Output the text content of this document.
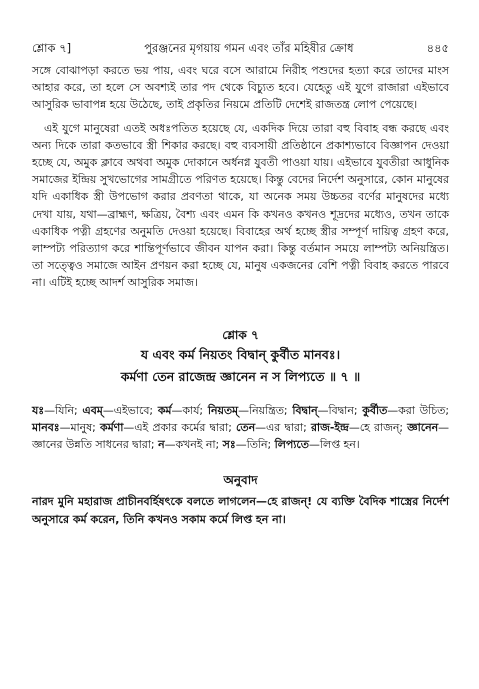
শ্লোক ৭]	পুরঞ্জনের মৃগয়ায় গমন এবং তাঁর মহিষীর ক্রোধ	৪৪৫

সঙ্গে বোঝাপড়া করতে ভয় পায়, এবং ঘরে বসে আরামে নিরীহ পশুদের হত্যা করে তাদের মাংস আহার করে, তা হলে সে অবশ্যই তার পদ থেকে বিচ্যুত হবে। যেহেতু এই যুগে রাজারা এইভাবে আসুরিক ভাবাপন্ন হয়ে উঠেছে, তাই প্রকৃতির নিয়মে প্রতিটি দেশেই রাজতন্ত্র লোপ পেয়েছে।

এই যুগে মানুষেরা এতই অধঃপতিত হয়েছে যে, একদিক দিয়ে তারা বহু বিবাহ বন্ধ করছে এবং অন্য দিকে তারা কতভাবে স্ত্রী শিকার করছে। বহু ব্যবসায়ী প্রতিষ্ঠানে প্রকাশ্যভাবে বিজ্ঞাপন দেওয়া হচ্ছে যে, অমুক ক্লাবে অথবা অমুক দোকানে অর্ধনগ্ন যুবতী পাওয়া যায়। এইভাবে যুবতীরা আধুনিক সমাজের ইন্দ্রিয় সুখভোগের সামগ্রীতে পরিণত হয়েছে। কিন্তু বেদের নির্দেশ অনুসারে, কোন মানুষের যদি একাধিক স্ত্রী উপভোগ করার প্রবণতা থাকে, যা অনেক সময় উচ্চতর বর্ণের মানুষদের মধ্যে দেখা যায়, যথা—ব্রাহ্মণ, ক্ষত্রিয়, বৈশ্য এবং এমন কি কখনও কখনও শূদ্রদের মধ্যেও, তখন তাকে একাধিক পত্নী গ্রহণের অনুমতি দেওয়া হয়েছে। বিবাহের অর্থ হচ্ছে স্ত্রীর সম্পূর্ণ দায়িত্ব গ্রহণ করে, লাম্পট্য পরিত্যাগ করে শান্তিপূর্ণভাবে জীবন যাপন করা। কিন্তু বর্তমান সময়ে লাম্পট্য অনিয়ন্ত্রিত। তা সত্ত্বেও সমাজে আইন প্রণয়ন করা হচ্ছে যে, মানুষ একজনের বেশি পত্নী বিবাহ করতে পারবে না। এটিই হচ্ছে আদর্শ আসুরিক সমাজ।

শ্লোক ৭
য এবং কর্ম নিয়তং বিদ্বান্ কুর্বীত মানবঃ।
কর্মণা তেন রাজেন্দ্র জ্ঞানেন ন স লিপ্যতে ॥ ৭ ॥
যঃ—যিনি; এবম্—এইভাবে; কর্ম—কার্য; নিয়তম্—নিয়ন্ত্রিত; বিদ্বান্—বিদ্বান; কুর্বীত—করা উচিত; মানবঃ—মানুষ; কর্মণা—এই প্রকার কর্মের দ্বারা; তেন—এর দ্বারা; রাজ-ইন্দ্র—হে রাজন্; জ্ঞানেন—জ্ঞানের উন্নতি সাধনের দ্বারা; ন—কখনই না; সঃ—তিনি; লিপ্যতে—লিপ্ত হন।
অনুবাদ
নারদ মুনি মহারাজ প্রাচীনবর্হিষৎকে বলতে লাগলেন—হে রাজন্! যে ব্যক্তি বৈদিক শাস্ত্রের নির্দেশ অনুসারে কর্ম করেন, তিনি কখনও সকাম কর্মে লিপ্ত হন না।
